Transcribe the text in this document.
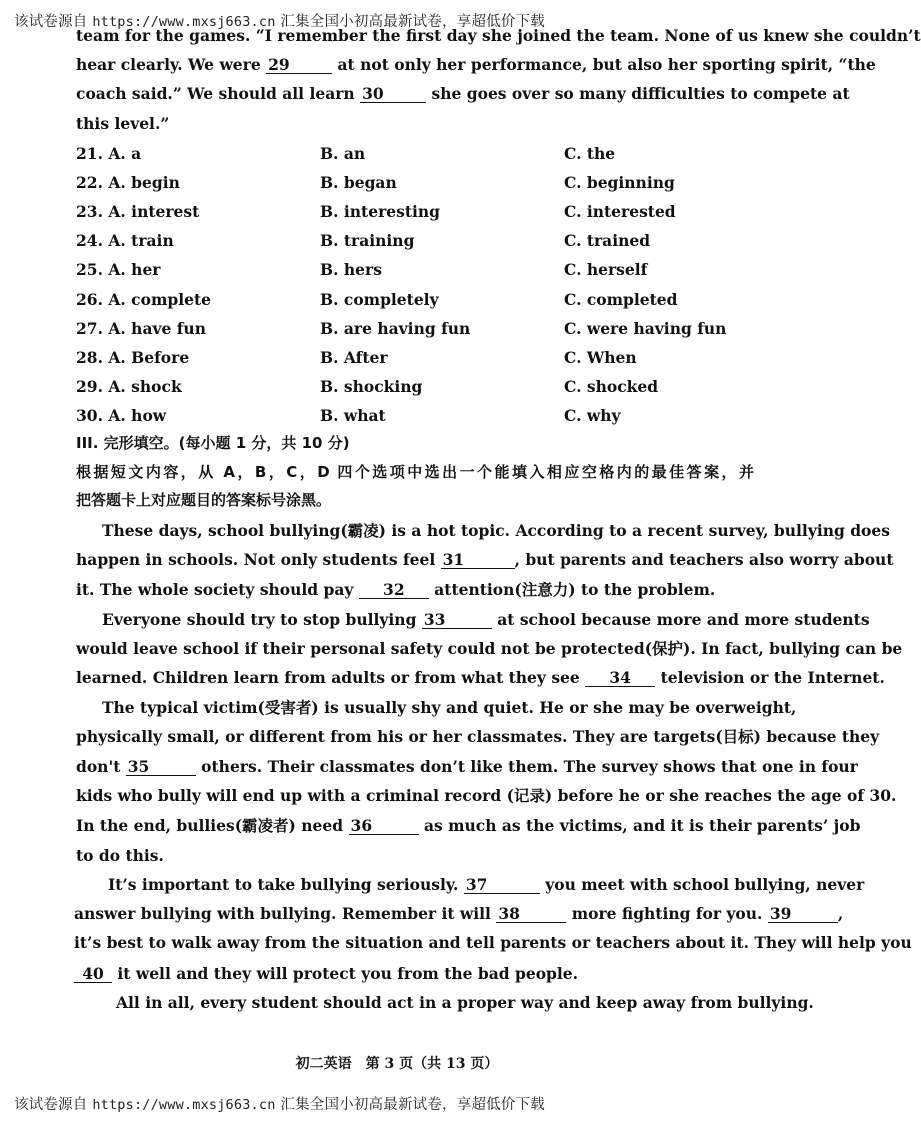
该试卷源自 https://www.mxsj663.cn 汇集全国小初高最新试卷，享超低价下载
team for the games. “I remember the first day she joined the team. None of us knew she couldn’t
hear clearly. We were 29	at not only her performance, but also her sporting spirit, “the
coach said.” We should all learn 30	she goes over so many difficulties to compete at
this level.”
21. A. a	B. an	C. the
22. A. begin	B. began	C. beginning
23. A. interest	B. interesting	C. interested
24. A. train	B. training	C. trained
25. A. her	B. hers	C. herself
26. A. complete	B. completely	C. completed
27. A. have fun	B. are having fun	C. were having fun
28. A. Before	B. After	C. When
29. A. shock	B. shocking	C. shocked
30. A. how	B. what	C. why
III. 完形填空。(每小题 1 分，共 10 分)
根据短文内容，从 A，B，C，D 四个选项中选出一个能填入相应空格内的最佳答案，并
把答题卡上对应题目的答案标号涂黑。
These days, school bullying(霸凌) is a hot topic. According to a recent survey, bullying does
happen in schools. Not only students feel 31	, but parents and teachers also worry about
it. The whole society should pay 32 attention(注意力) to the problem.
Everyone should try to stop bullying 33	at school because more and more students
would leave school if their personal safety could not be protected(保护). In fact, bullying can be
learned. Children learn from adults or from what they see 34 television or the Internet.
The typical victim(受害者) is usually shy and quiet. He or she may be overweight,
physically small, or different from his or her classmates. They are targets(目标) because they
don't 35	others. Their classmates don’t like them. The survey shows that one in four
kids who bully will end up with a criminal record (记录) before he or she reaches the age of 30.
In the end, bullies(霸凌者) need 36	as much as the victims, and it is their parents’ job
to do this.
It’s important to take bullying seriously. 37	you meet with school bullying, never
answer bullying with bullying. Remember it will 38	more fighting for you. 39	,
it’s best to walk away from the situation and tell parents or teachers about it. They will help you
40 it well and they will protect you from the bad people.
All in all, every student should act in a proper way and keep away from bullying.
初二英语　第 3 页（共 13 页）
该试卷源自 https://www.mxsj663.cn 汇集全国小初高最新试卷，享超低价下载
